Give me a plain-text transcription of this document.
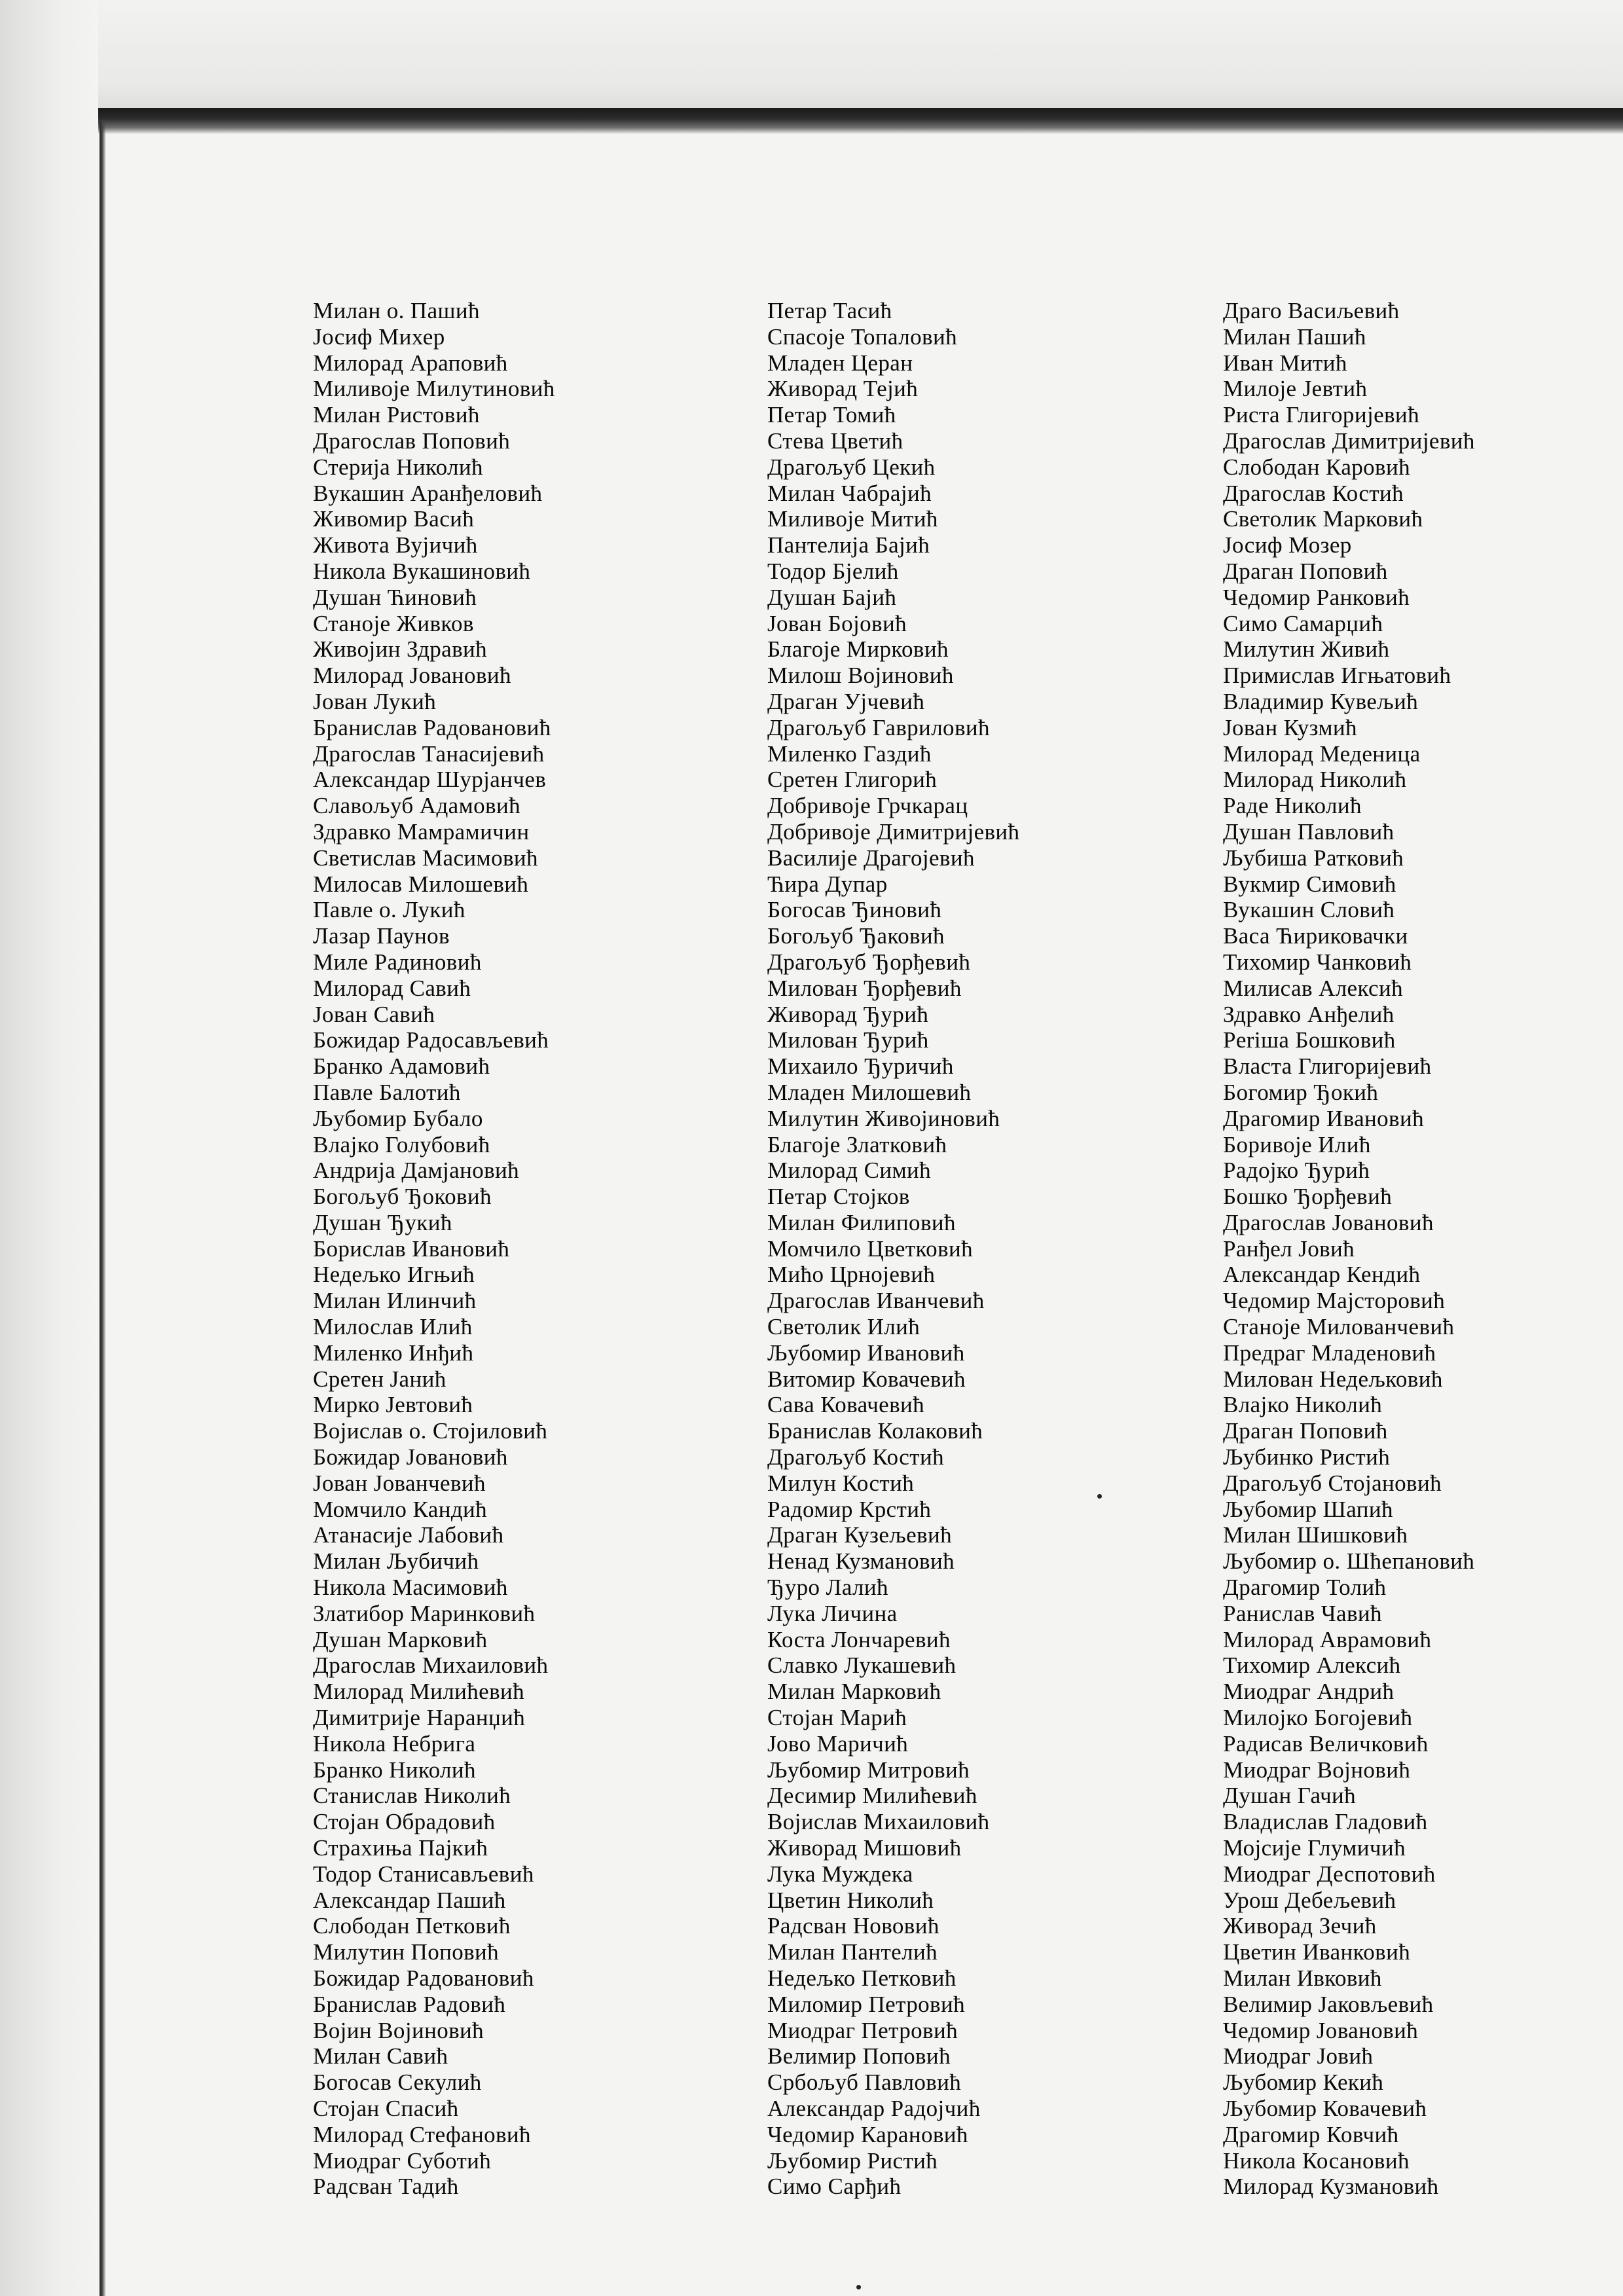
Милан о. Пашић
Јосиф Михер
Милорад Араповић
Миливоје Милутиновић
Милан Ристовић
Драгослав Поповић
Стерија Николић
Вукашин Аранђеловић
Живомир Васић
Живота Вујичић
Никола Вукашиновић
Душан Ћиновић
Станоје Живков
Живојин Здравић
Милорад Јовановић
Јован Лукић
Бранислав Радовановић
Драгослав Танасијевић
Александар Шурјанчев
Славољуб Адамовић
Здравко Мамрамичин
Светислав Масимовић
Милосав Милошевић
Павле о. Лукић
Лазар Паунов
Миле Радиновић
Милорад Савић
Јован Савић
Божидар Радосављевић
Бранко Адамовић
Павле Балотић
Љубомир Бубало
Влајко Голубовић
Андрија Дамјановић
Богољуб Ђоковић
Душан Ђукић
Борислав Ивановић
Недељко Игњић
Милан Илинчић
Милослав Илић
Миленко Инђић
Сретен Јанић
Мирко Јевтовић
Војислав о. Стојиловић
Божидар Јовановић
Јован Јованчевић
Момчило Кандић
Атанасије Лабовић
Милан Љубичић
Никола Масимовић
Златибор Маринковић
Душан Марковић
Драгослав Михаиловић
Милорад Милићевић
Димитрије Наранџић
Никола Небрига
Бранко Николић
Станислав Николић
Стојан Обрадовић
Страхиња Пајкић
Тодор Станисављевић
Александар Пашић
Слободан Петковић
Милутин Поповић
Божидар Радовановић
Бранислав Радовић
Војин Војиновић
Милан Савић
Богосав Секулић
Стојан Спасић
Милорад Стефановић
Миодраг Суботић
Радсван Тадић
Петар Тасић
Спасоје Топаловић
Младен Церан
Живорад Тејић
Петар Томић
Стева Цветић
Драгољуб Цекић
Милан Чабрајић
Миливоје Митић
Пантелија Бајић
Тодор Бјелић
Душан Бајић
Јован Бојовић
Благоје Мирковић
Милош Војиновић
Драган Ујчевић
Драгољуб Гавриловић
Миленко Газдић
Сретен Глигорић
Добривоје Грчкарац
Добривоје Димитријевић
Василије Драгојевић
Ћира Дупар
Богосав Ђиновић
Богољуб Ђаковић
Драгољуб Ђорђевић
Милован Ђорђевић
Живорад Ђурић
Милован Ђурић
Михаило Ђуричић
Младен Милошевић
Милутин Живојиновић
Благоје Златковић
Милорад Симић
Петар Стојков
Милан Филиповић
Момчило Цветковић
Мићо Црнојевић
Драгослав Иванчевић
Светолик Илић
Љубомир Ивановић
Витомир Ковачевић
Сава Ковачевић
Бранислав Колаковић
Драгољуб Костић
Милун Костић
Радомир Крстић
Драган Кузељевић
Ненад Кузмановић
Ђуро Лалић
Лука Личина
Коста Лончаревић
Славко Лукашевић
Милан Марковић
Стојан Марић
Јово Маричић
Љубомир Митровић
Десимир Милићевић
Војислав Михаиловић
Живорад Мишовић
Лука Муждека
Цветин Николић
Радсван Нововић
Милан Пантелић
Недељко Петковић
Миломир Петровић
Миодраг Петровић
Велимир Поповић
Србољуб Павловић
Александар Радојчић
Чедомир Карановић
Љубомир Ристић
Симо Сарђић
Драго Васиљевић
Милан Пашић
Иван Митић
Милоје Јевтић
Риста Глигоријевић
Драгослав Димитријевић
Слободан Каровић
Драгослав Костић
Светолик Марковић
Јосиф Мозер
Драган Поповић
Чедомир Ранковић
Симо Самарџић
Милутин Живић
Примислав Игњатовић
Владимир Кувељић
Јован Кузмић
Милорад Меденица
Милорад Николић
Раде Николић
Душан Павловић
Љубиша Ратковић
Вукмир Симовић
Вукашин Словић
Васа Ћириковачки
Тихомир Чанковић
Милисав Алексић
Здравко Анђелић
Periша Бошковић
Власта Глигоријевић
Богомир Ђокић
Драгомир Ивановић
Боривоје Илић
Радојко Ђурић
Бошко Ђорђевић
Драгослав Јовановић
Ранђел Јовић
Александар Кендић
Чедомир Мајсторовић
Станоје Милованчевић
Предраг Младеновић
Милован Недељковић
Влајко Николић
Драган Поповић
Љубинко Ристић
Драгољуб Стојановић
Љубомир Шапић
Милан Шишковић
Љубомир о. Шћепановић
Драгомир Толић
Ранислав Чавић
Милорад Аврамовић
Тихомир Алексић
Миодраг Андрић
Милојко Богојевић
Радисав Величковић
Миодраг Војновић
Душан Гачић
Владислав Гладовић
Мојсије Глумичић
Миодраг Деспотовић
Урош Дебељевић
Живорад Зечић
Цветин Иванковић
Милан Ивковић
Велимир Јаковљевић
Чедомир Јовановић
Миодраг Јовић
Љубомир Кекић
Љубомир Ковачевић
Драгомир Ковчић
Никола Косановић
Милорад Кузмановић
